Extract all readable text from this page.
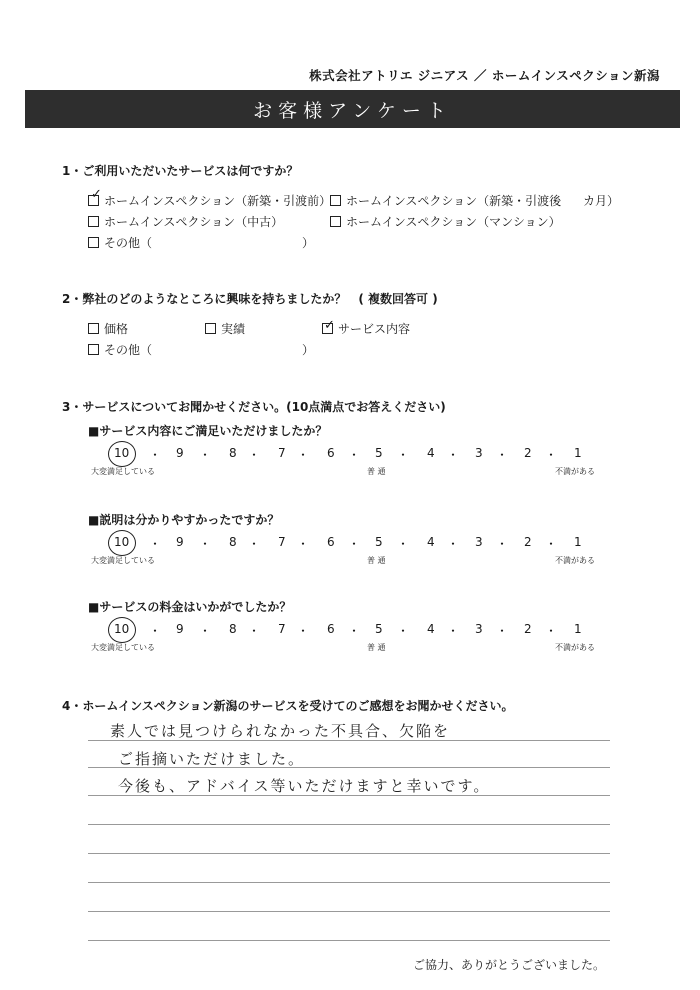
株式会社アトリエ ジニアス ／ ホームインスペクション新潟
お客様アンケート
1・ご利用いただいたサービスは何ですか？
✓ ホームインスペクション（新築・引渡前）	ホームインスペクション（新築・引渡後 カ月）
ホームインスペクション（中古）	ホームインスペクション（マンション）
その他（	）
2・弊社のどのようなところに興味を持ちましたか？　( 複数回答可 )
価格	実績	✓ サービス内容
その他（	）
3・サービスについてお聞かせください。(10点満点でお答えください)
■サービス内容にご満足いただけましたか？
10 ・ 9 ・ 8 ・ 7 ・ 6 ・ 5 ・ 4 ・ 3 ・ 2 ・ 1
大変満足している	普 通	不満がある
■説明は分かりやすかったですか？
10 ・ 9 ・ 8 ・ 7 ・ 6 ・ 5 ・ 4 ・ 3 ・ 2 ・ 1
大変満足している	普 通	不満がある
■サービスの料金はいかがでしたか？
10 ・ 9 ・ 8 ・ 7 ・ 6 ・ 5 ・ 4 ・ 3 ・ 2 ・ 1
大変満足している	普 通	不満がある
4・ホームインスペクション新潟のサービスを受けてのご感想をお聞かせください。
素人では見つけられなかった不具合、欠陥を
ご指摘いただけました。
今後も、アドバイス等いただけますと幸いです。
ご協力、ありがとうございました。
